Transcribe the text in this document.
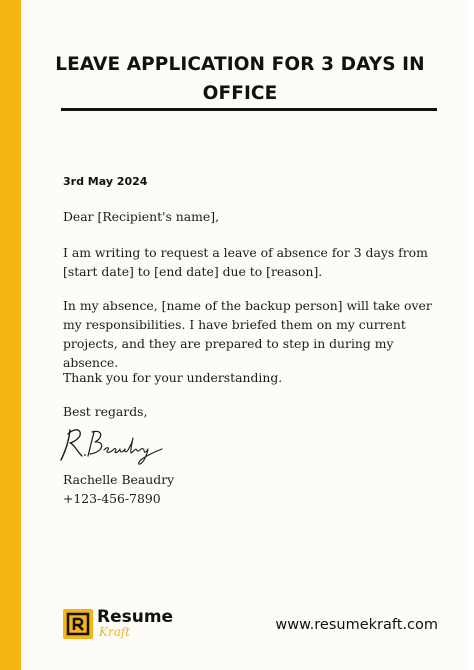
LEAVE APPLICATION FOR 3 DAYS IN OFFICE
3rd May 2024

Dear [Recipient's name],

I am writing to request a leave of absence for 3 days from [start date] to [end date] due to [reason].

In my absence, [name of the backup person] will take over my responsibilities. I have briefed them on my current projects, and they are prepared to step in during my absence.

Thank you for your understanding.

Best regards,

Rachelle Beaudry

+123-456-7890

Resume
Kraft	www.resumekraft.com
